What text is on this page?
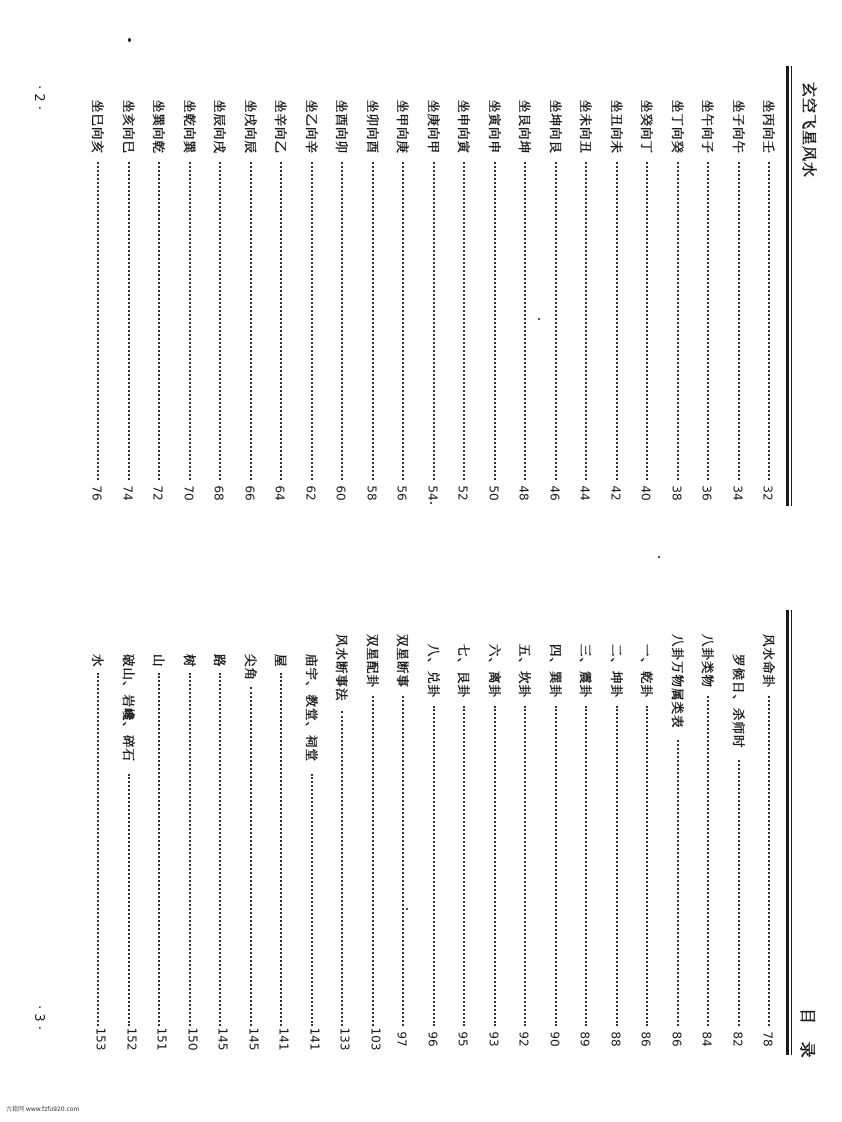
玄空飞星风水
目 录
· 2 ·
· 3 ·
坐丙向壬
32
坐子向午
34
坐午向子
36
坐丁向癸
38
坐癸向丁
40
坐丑向未
42
坐未向丑
44
坐坤向艮
46
坐艮向坤
48
坐寅向申
50
坐申向寅
52
坐庚向甲
54
坐甲向庚
56
坐卯向酉
58
坐酉向卯
60
坐乙向辛
62
坐辛向乙
64
坐戌向辰
66
坐辰向戌
68
坐乾向巽
70
坐巽向乾
72
坐亥向巳
74
坐巳向亥
76
风水命卦
78
罗候日、杀师时
82
八卦类物
84
八卦万物属类表
86
一、乾卦
86
二、坤卦
88
三、震卦
89
四、巽卦
90
五、坎卦
92
六、离卦
93
七、艮卦
95
八、兑卦
96
双星断事
97
双星配卦
103
风水断事法
133
庙宇、教堂、祠堂
141
屋
141
尖角
145
路
145
树
150
山
151
破山、岩巉、碎石
152
水
153
古籍网 www.fzfu920.com
